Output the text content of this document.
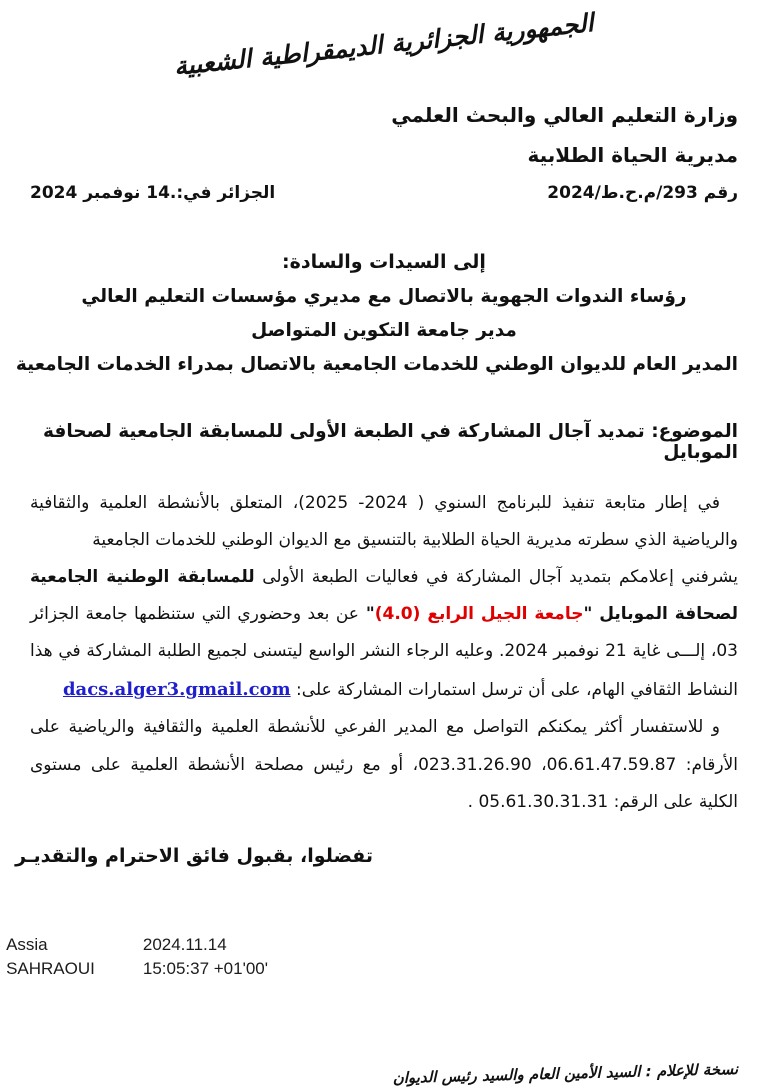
الجمهورية الجزائرية الديمقراطية الشعبية
وزارة التعليم العالي والبحث العلمي
مديرية الحياة الطلابية
رقم 293/م.ح.ط/2024
الجزائر في:.14 نوفمبر 2024
إلى السيدات والسادة:
رؤساء الندوات الجهوية بالاتصال مع مديري مؤسسات التعليم العالي
مدير جامعة التكوين المتواصل
المدير العام للديوان الوطني للخدمات الجامعية بالاتصال بمدراء الخدمات الجامعية
الموضوع: تمديد آجال المشاركة في الطبعة الأولى للمسابقة الجامعية لصحافة الموبايل

في إطار متابعة تنفيذ للبرنامج السنوي ( 2024- 2025)، المتعلق بالأنشطة العلمية والثقافية والرياضية الذي سطرته مديرية الحياة الطلابية بالتنسيق مع الديوان الوطني للخدمات الجامعية

يشرفني إعلامكم بتمديد آجال المشاركة في فعاليات الطبعة الأولى للمسابقة الوطنية الجامعية لصحافة الموبايل "جامعة الجيل الرابع (4.0)" عن بعد وحضوري التي ستنظمها جامعة الجزائر 03، إلـــى غاية 21 نوفمبر 2024. وعليه الرجاء النشر الواسع ليتسنى لجميع الطلبة المشاركة في هذا النشاط الثقافي الهام، على أن ترسل استمارات المشاركة على: dacs.alger3.gmail.com

و للاستفسار أكثر يمكنكم التواصل مع المدير الفرعي للأنشطة العلمية والثقافية والرياضية على الأرقام: 06.61.47.59.87، 023.31.26.90، أو مع رئيس مصلحة الأنشطة العلمية على مستوى الكلية على الرقم: 05.61.30.31.31 .

تفضلوا، بقبول فائق الاحترام والتقديـر
Assia
SAHRAOUI
2024.11.14
15:05:37 +01'00'
نسخة للإعلام : السيد الأمين العام والسيد رئيس الديوان
